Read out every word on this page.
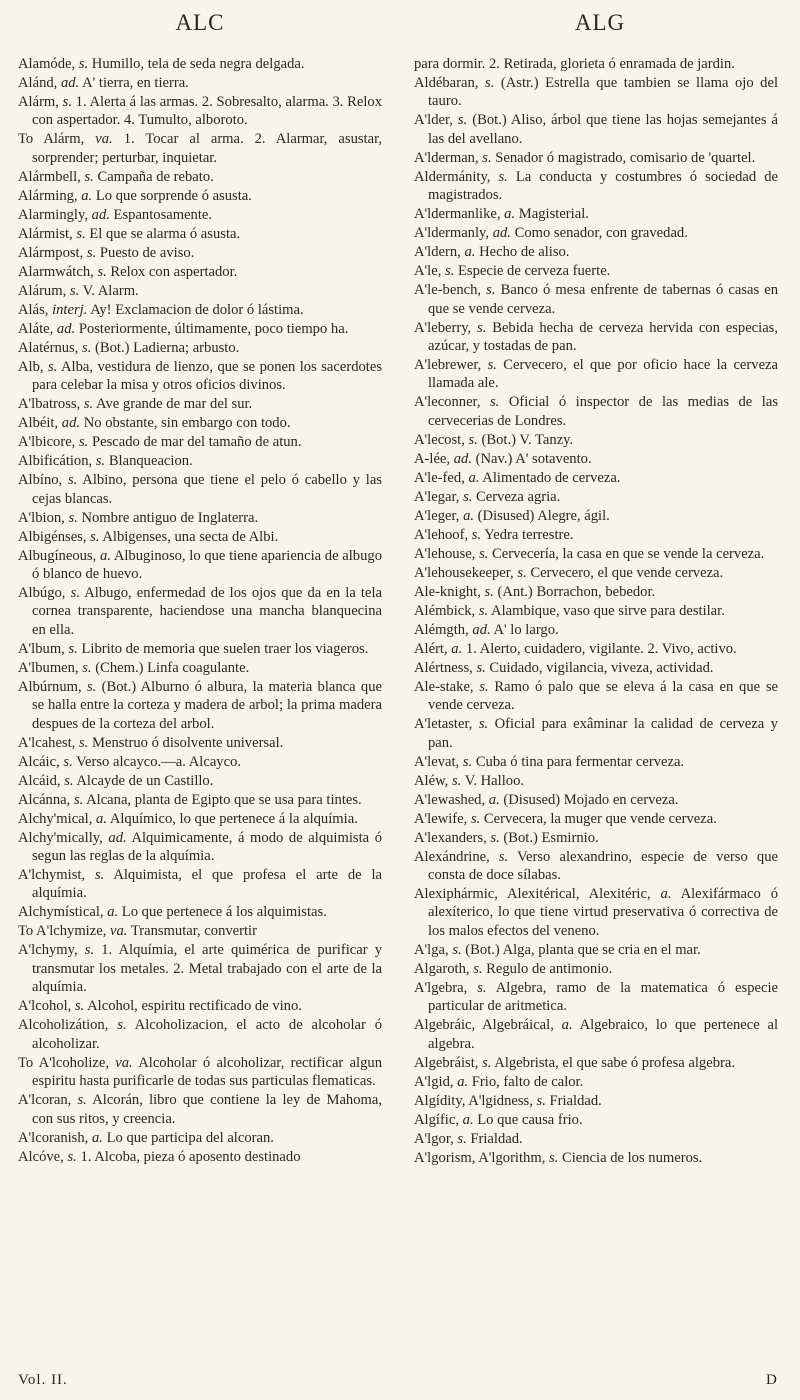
ALC	ALG

Alamóde, s. Humillo, tela de seda negra delgada.

Alánd, ad. A' tierra, en tierra.

Alárm, s. 1. Alerta á las armas. 2. Sobresalto, alarma. 3. Relox con aspertador. 4. Tumulto, alboroto.

To Alárm, va. 1. Tocar al arma. 2. Alarmar, asustar, sorprender; perturbar, inquietar.

Alármbell, s. Campaña de rebato.

Alárming, a. Lo que sorprende ó asusta.

Alarmingly, ad. Espantosamente.

Alármist, s. El que se alarma ó asusta.

Alármpost, s. Puesto de aviso.

Alarmwátch, s. Relox con aspertador.

Alárum, s. V. Alarm.

Alás, interj. Ay! Exclamacion de dolor ó lástima.

Aláte, ad. Posteriormente, últimamente, poco tiempo ha.

Alatérnus, s. (Bot.) Ladierna; arbusto.

Alb, s. Alba, vestidura de lienzo, que se ponen los sacerdotes para celebar la misa y otros oficios divinos.

A'lbatross, s. Ave grande de mar del sur.

Albéit, ad. No obstante, sin embargo con todo.

A'lbicore, s. Pescado de mar del tamaño de atun.

Albificátion, s. Blanqueacion.

Albíno, s. Albino, persona que tiene el pelo ó cabello y las cejas blancas.

A'lbion, s. Nombre antiguo de Inglaterra.

Albigénses, s. Albigenses, una secta de Albi.

Albugíneous, a. Albuginoso, lo que tiene apariencia de albugo ó blanco de huevo.

Albúgo, s. Albugo, enfermedad de los ojos que da en la tela cornea transparente, haciendose una mancha blanquecina en ella.

A'lbum, s. Librito de memoria que suelen traer los viageros.

A'lbumen, s. (Chem.) Linfa coagulante.

Albúrnum, s. (Bot.) Alburno ó albura, la materia blanca que se halla entre la corteza y madera de arbol; la prima madera despues de la corteza del arbol.

A'lcahest, s. Menstruo ó disolvente universal.

Alcáic, s. Verso alcayco.—a. Alcayco.

Alcáid, s. Alcayde de un Castillo.

Alcánna, s. Alcana, planta de Egipto que se usa para tintes.

Alchy'mical, a. Alquímico, lo que pertenece á la alquímia.

Alchy'mically, ad. Alquimicamente, á modo de alquimista ó segun las reglas de la alquímia.

A'lchymist, s. Alquimista, el que profesa el arte de la alquímia.

Alchymístical, a. Lo que pertenece á los alquimistas.

To A'lchymize, va. Transmutar, convertir

A'lchymy, s. 1. Alquímia, el arte quimérica de purificar y transmutar los metales. 2. Metal trabajado con el arte de la alquímia.

A'lcohol, s. Alcohol, espiritu rectificado de vino.

Alcoholizátion, s. Alcoholizacion, el acto de alcoholar ó alcoholizar.

To A'lcoholize, va. Alcoholar ó alcoholizar, rectificar algun espiritu hasta purificarle de todas sus particulas flematicas.

A'lcoran, s. Alcorán, libro que contiene la ley de Mahoma, con sus ritos, y creencia.

A'lcoranish, a. Lo que participa del alcoran.

Alcóve, s. 1. Alcoba, pieza ó aposento destinado

para dormir. 2. Retirada, glorieta ó enramada de jardin.

Aldébaran, s. (Astr.) Estrella que tambien se llama ojo del tauro.

A'lder, s. (Bot.) Aliso, árbol que tiene las hojas semejantes á las del avellano.

A'lderman, s. Senador ó magistrado, comisario de 'quartel.

Aldermánity, s. La conducta y costumbres ó sociedad de magistrados.

A'ldermanlike, a. Magisterial.

A'ldermanly, ad. Como senador, con gravedad.

A'ldern, a. Hecho de aliso.

A'le, s. Especie de cerveza fuerte.

A'le-bench, s. Banco ó mesa enfrente de tabernas ó casas en que se vende cerveza.

A'leberry, s. Bebida hecha de cerveza hervida con especias, azúcar, y tostadas de pan.

A'lebrewer, s. Cervecero, el que por oficio hace la cerveza llamada ale.

A'leconner, s. Oficial ó inspector de las medias de las cervecerias de Londres.

A'lecost, s. (Bot.) V. Tanzy.

A-lée, ad. (Nav.) A' sotavento.

A'le-fed, a. Alimentado de cerveza.

A'legar, s. Cerveza agria.

A'leger, a. (Disused) Alegre, ágil.

A'lehoof, s. Yedra terrestre.

A'lehouse, s. Cervecería, la casa en que se vende la cerveza.

A'lehousekeeper, s. Cervecero, el que vende cerveza.

Ale-knight, s. (Ant.) Borrachon, bebedor.

Alémbick, s. Alambique, vaso que sirve para destilar.

Alémgth, ad. A' lo largo.

Alért, a. 1. Alerto, cuidadero, vigilante. 2. Vivo, activo.

Alértness, s. Cuidado, vigilancia, viveza, actividad.

Ale-stake, s. Ramo ó palo que se eleva á la casa en que se vende cerveza.

A'letaster, s. Oficial para exâminar la calidad de cerveza y pan.

A'levat, s. Cuba ó tina para fermentar cerveza.

Aléw, s. V. Halloo.

A'lewashed, a. (Disused) Mojado en cerveza.

A'lewife, s. Cervecera, la muger que vende cerveza.

A'lexanders, s. (Bot.) Esmirnio.

Alexándrine, s. Verso alexandrino, especie de verso que consta de doce sílabas.

Alexiphármic, Alexitérical, Alexitéric, a. Alexifármaco ó alexíterico, lo que tiene virtud preservativa ó correctiva de los malos efectos del veneno.

A'lga, s. (Bot.) Alga, planta que se cria en el mar.

Algaroth, s. Regulo de antimonio.

A'lgebra, s. Algebra, ramo de la matematica ó especie particular de aritmetica.

Algebráic, Algebráical, a. Algebraico, lo que pertenece al algebra.

Algebráist, s. Algebrista, el que sabe ó profesa algebra.

A'lgid, a. Frio, falto de calor.

Algídity, A'lgidness, s. Frialdad.

Algífic, a. Lo que causa frio.

A'lgor, s. Frialdad.

A'lgorism, A'lgorithm, s. Ciencia de los numeros.

Vol. II.	D
